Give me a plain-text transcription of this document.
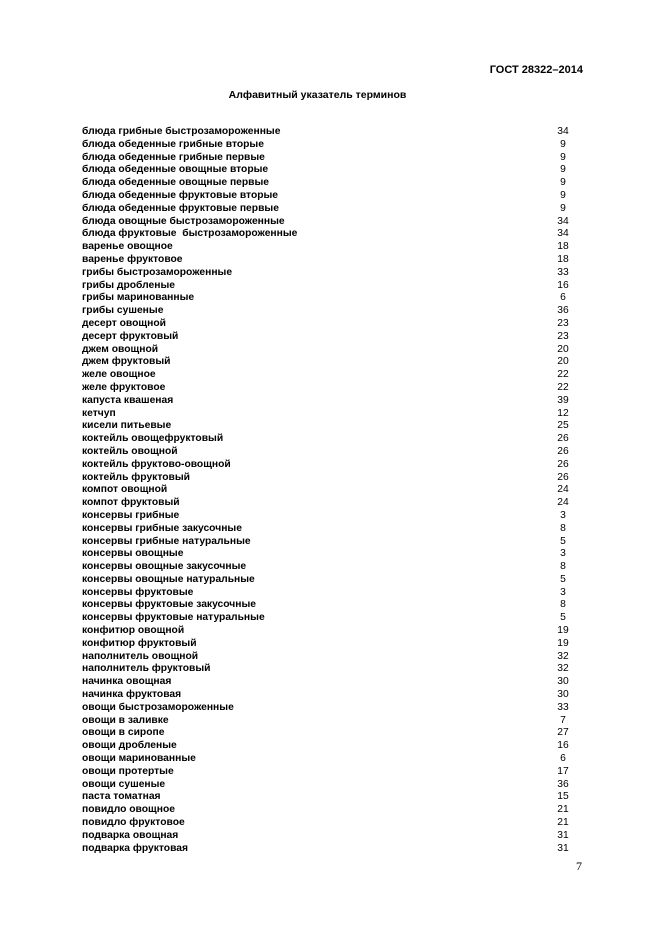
ГОСТ 28322–2014
Алфавитный указатель терминов
блюда грибные быстрозамороженные	34
блюда обеденные грибные вторые	9
блюда обеденные грибные первые	9
блюда обеденные овощные вторые	9
блюда обеденные овощные первые	9
блюда обеденные фруктовые вторые	9
блюда обеденные фруктовые первые	9
блюда овощные быстрозамороженные	34
блюда фруктовые  быстрозамороженные	34
варенье овощное	18
варенье фруктовое	18
грибы быстрозамороженные	33
грибы дробленые	16
грибы маринованные	6
грибы сушеные	36
десерт овощной	23
десерт фруктовый	23
джем овощной	20
джем фруктовый	20
желе овощное	22
желе фруктовое	22
капуста квашеная	39
кетчуп	12
кисели питьевые	25
коктейль овощефруктовый	26
коктейль овощной	26
коктейль фруктово-овощной	26
коктейль фруктовый	26
компот овощной	24
компот фруктовый	24
консервы грибные	3
консервы грибные закусочные	8
консервы грибные натуральные	5
консервы овощные	3
консервы овощные закусочные	8
консервы овощные натуральные	5
консервы фруктовые	3
консервы фруктовые закусочные	8
консервы фруктовые натуральные	5
конфитюр овощной	19
конфитюр фруктовый	19
наполнитель овощной	32
наполнитель фруктовый	32
начинка овощная	30
начинка фруктовая	30
овощи быстрозамороженные	33
овощи в заливке	7
овощи в сиропе	27
овощи дробленые	16
овощи маринованные	6
овощи протертые	17
овощи сушеные	36
паста томатная	15
повидло овощное	21
повидло фруктовое	21
подварка овощная	31
подварка фруктовая	31
7
